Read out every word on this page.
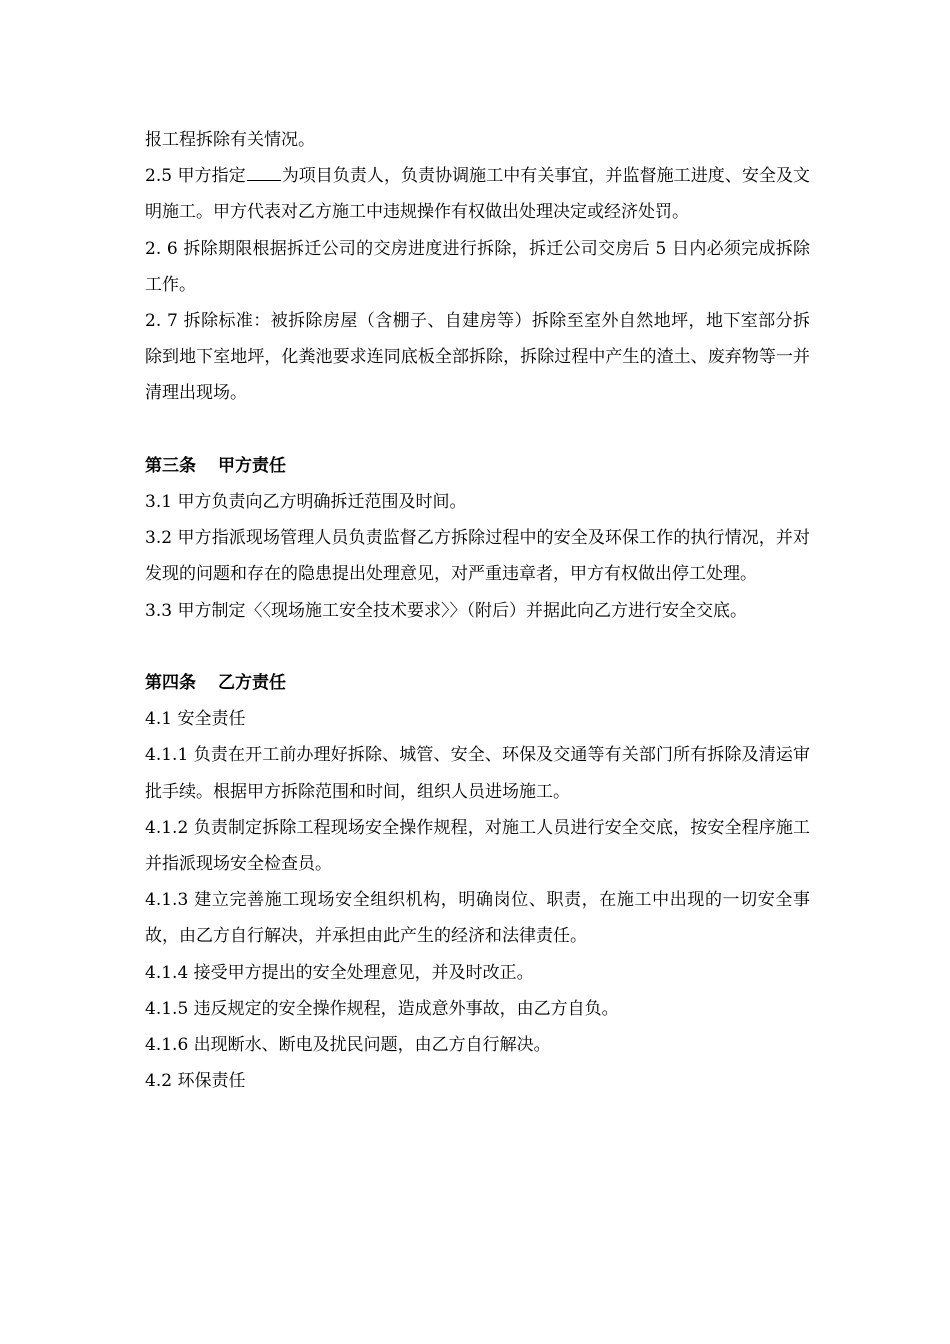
报工程拆除有关情况。

2.5 甲方指定 为项目负责人，负责协调施工中有关事宜，并监督施工进度、安全及文明施工。甲方代表对乙方施工中违规操作有权做出处理决定或经济处罚。

2. 6 拆除期限根据拆迁公司的交房进度进行拆除，拆迁公司交房后 5 日内必须完成拆除工作。

2. 7 拆除标准：被拆除房屋（含棚子、自建房等）拆除至室外自然地坪，地下室部分拆除到地下室地坪，化粪池要求连同底板全部拆除，拆除过程中产生的渣土、废弃物等一并清理出现场。

第三条 甲方责任

3.1 甲方负责向乙方明确拆迁范围及时间。

3.2 甲方指派现场管理人员负责监督乙方拆除过程中的安全及环保工作的执行情况，并对发现的问题和存在的隐患提出处理意见，对严重违章者，甲方有权做出停工处理。

3.3 甲方制定〈〈现场施工安全技术要求〉〉（附后）并据此向乙方进行安全交底。

第四条 乙方责任

4.1 安全责任

4.1.1 负责在开工前办理好拆除、城管、安全、环保及交通等有关部门所有拆除及清运审批手续。根据甲方拆除范围和时间，组织人员进场施工。

4.1.2 负责制定拆除工程现场安全操作规程，对施工人员进行安全交底，按安全程序施工并指派现场安全检查员。

4.1.3 建立完善施工现场安全组织机构，明确岗位、职责，在施工中出现的一切安全事故，由乙方自行解决，并承担由此产生的经济和法律责任。

4.1.4 接受甲方提出的安全处理意见，并及时改正。

4.1.5 违反规定的安全操作规程，造成意外事故，由乙方自负。

4.1.6 出现断水、断电及扰民问题，由乙方自行解决。

4.2 环保责任
